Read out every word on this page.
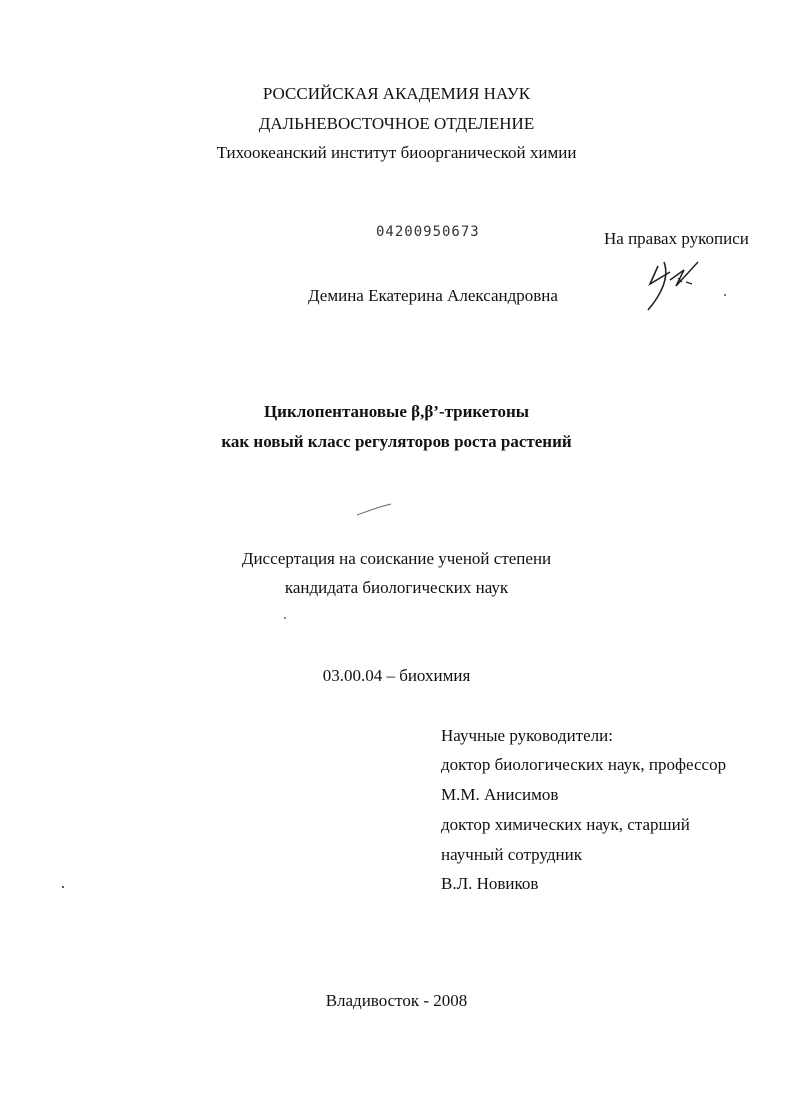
РОССИЙСКАЯ АКАДЕМИЯ НАУК
ДАЛЬНЕВОСТОЧНОЕ ОТДЕЛЕНИЕ
Тихоокеанский институт биоорганической химии
04200950673	На правах рукописи
Демина Екатерина Александровна
Циклопентановые β,β’-трикетоны
как новый класс регуляторов роста растений
Диссертация на соискание ученой степени
кандидата биологических наук
03.00.04 – биохимия
Научные руководители:
доктор биологических наук, профессор
М.М. Анисимов
доктор химических наук, старший
научный сотрудник
В.Л. Новиков
Владивосток - 2008
